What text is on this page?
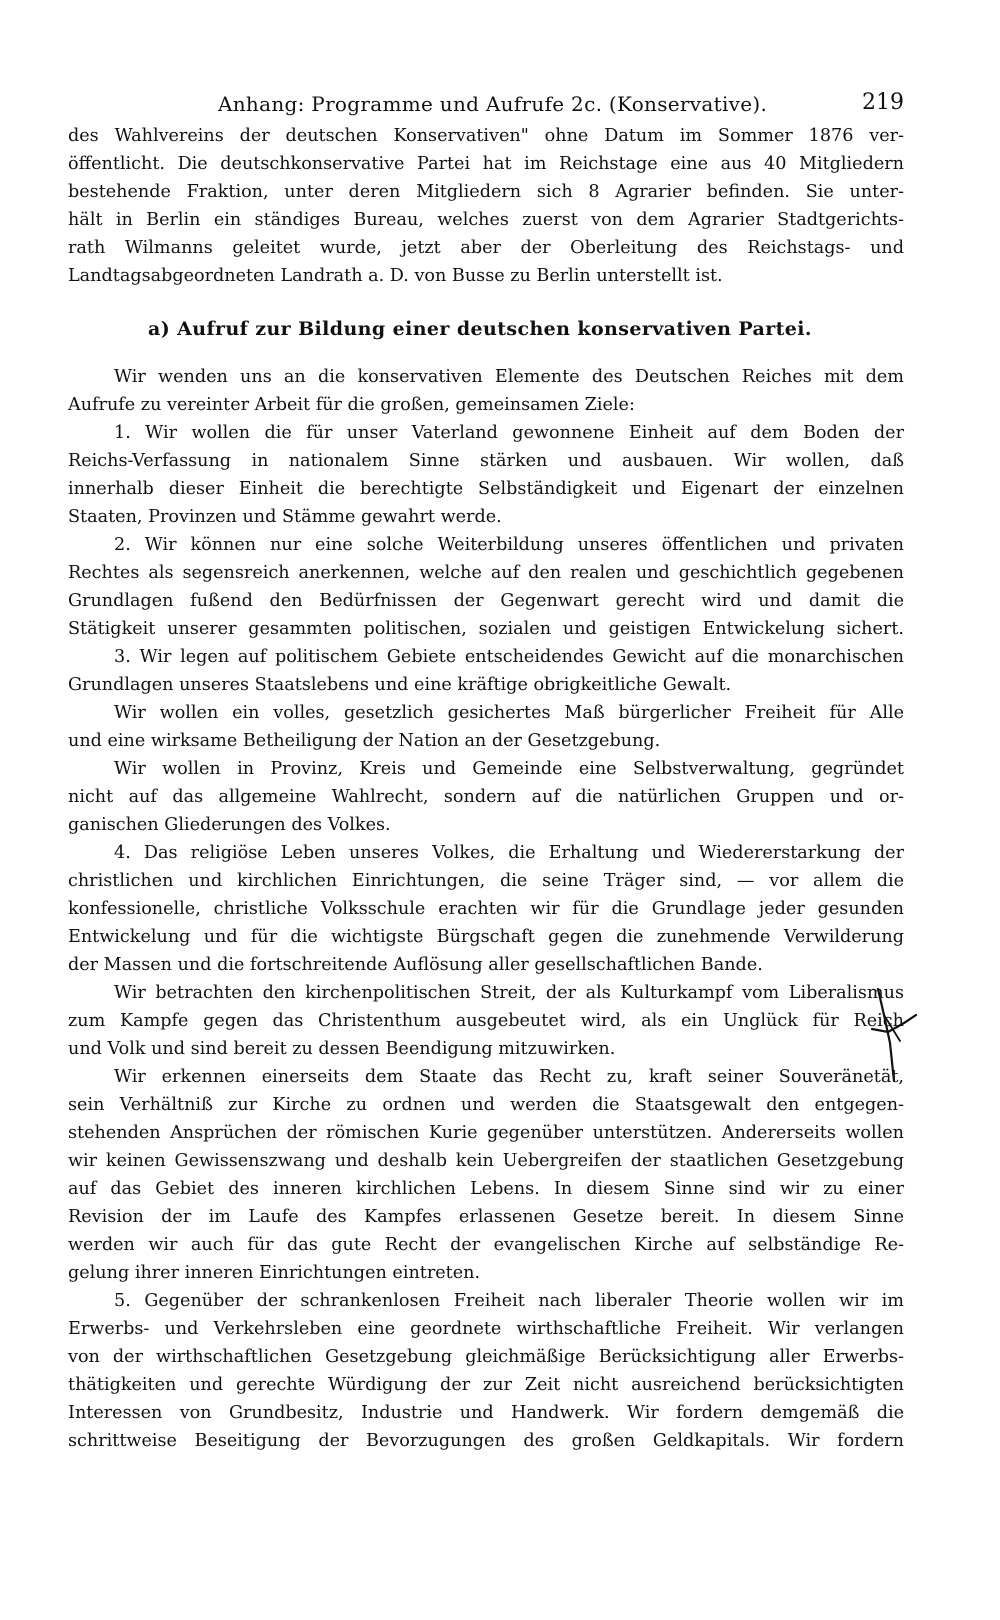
Anhang: Programme und Aufrufe 2c. (Konservative).	219
des Wahlvereins der deutschen Konservativen" ohne Datum im Sommer 1876 ver-
öffentlicht. Die deutschkonservative Partei hat im Reichstage eine aus 40 Mitgliedern
bestehende Fraktion, unter deren Mitgliedern sich 8 Agrarier befinden. Sie unter-
hält in Berlin ein ständiges Bureau, welches zuerst von dem Agrarier Stadtgerichts-
rath Wilmanns geleitet wurde, jetzt aber der Oberleitung des Reichstags- und
Landtagsabgeordneten Landrath a. D. von Busse zu Berlin unterstellt ist.
a) Aufruf zur Bildung einer deutschen konservativen Partei.
Wir wenden uns an die konservativen Elemente des Deutschen Reiches mit dem
Aufrufe zu vereinter Arbeit für die großen, gemeinsamen Ziele:
1. Wir wollen die für unser Vaterland gewonnene Einheit auf dem Boden der
Reichs-Verfassung in nationalem Sinne stärken und ausbauen. Wir wollen, daß
innerhalb dieser Einheit die berechtigte Selbständigkeit und Eigenart der einzelnen
Staaten, Provinzen und Stämme gewahrt werde.
2. Wir können nur eine solche Weiterbildung unseres öffentlichen und privaten
Rechtes als segensreich anerkennen, welche auf den realen und geschichtlich gegebenen
Grundlagen fußend den Bedürfnissen der Gegenwart gerecht wird und damit die
Stätigkeit unserer gesammten politischen, sozialen und geistigen Entwickelung sichert.
3. Wir legen auf politischem Gebiete entscheidendes Gewicht auf die monarchischen
Grundlagen unseres Staatslebens und eine kräftige obrigkeitliche Gewalt.
Wir wollen ein volles, gesetzlich gesichertes Maß bürgerlicher Freiheit für Alle
und eine wirksame Betheiligung der Nation an der Gesetzgebung.
Wir wollen in Provinz, Kreis und Gemeinde eine Selbstverwaltung, gegründet
nicht auf das allgemeine Wahlrecht, sondern auf die natürlichen Gruppen und or-
ganischen Gliederungen des Volkes.
4. Das religiöse Leben unseres Volkes, die Erhaltung und Wiedererstarkung der
christlichen und kirchlichen Einrichtungen, die seine Träger sind, — vor allem die
konfessionelle, christliche Volksschule erachten wir für die Grundlage jeder gesunden
Entwickelung und für die wichtigste Bürgschaft gegen die zunehmende Verwilderung
der Massen und die fortschreitende Auflösung aller gesellschaftlichen Bande.
Wir betrachten den kirchenpolitischen Streit, der als Kulturkampf vom Liberalismus
zum Kampfe gegen das Christenthum ausgebeutet wird, als ein Unglück für Reich
und Volk und sind bereit zu dessen Beendigung mitzuwirken.
Wir erkennen einerseits dem Staate das Recht zu, kraft seiner Souveränetät,
sein Verhältniß zur Kirche zu ordnen und werden die Staatsgewalt den entgegen-
stehenden Ansprüchen der römischen Kurie gegenüber unterstützen. Andererseits wollen
wir keinen Gewissenszwang und deshalb kein Uebergreifen der staatlichen Gesetzgebung
auf das Gebiet des inneren kirchlichen Lebens. In diesem Sinne sind wir zu einer
Revision der im Laufe des Kampfes erlassenen Gesetze bereit. In diesem Sinne
werden wir auch für das gute Recht der evangelischen Kirche auf selbständige Re-
gelung ihrer inneren Einrichtungen eintreten.
5. Gegenüber der schrankenlosen Freiheit nach liberaler Theorie wollen wir im
Erwerbs- und Verkehrsleben eine geordnete wirthschaftliche Freiheit. Wir verlangen
von der wirthschaftlichen Gesetzgebung gleichmäßige Berücksichtigung aller Erwerbs-
thätigkeiten und gerechte Würdigung der zur Zeit nicht ausreichend berücksichtigten
Interessen von Grundbesitz, Industrie und Handwerk. Wir fordern demgemäß die
schrittweise Beseitigung der Bevorzugungen des großen Geldkapitals. Wir fordern
